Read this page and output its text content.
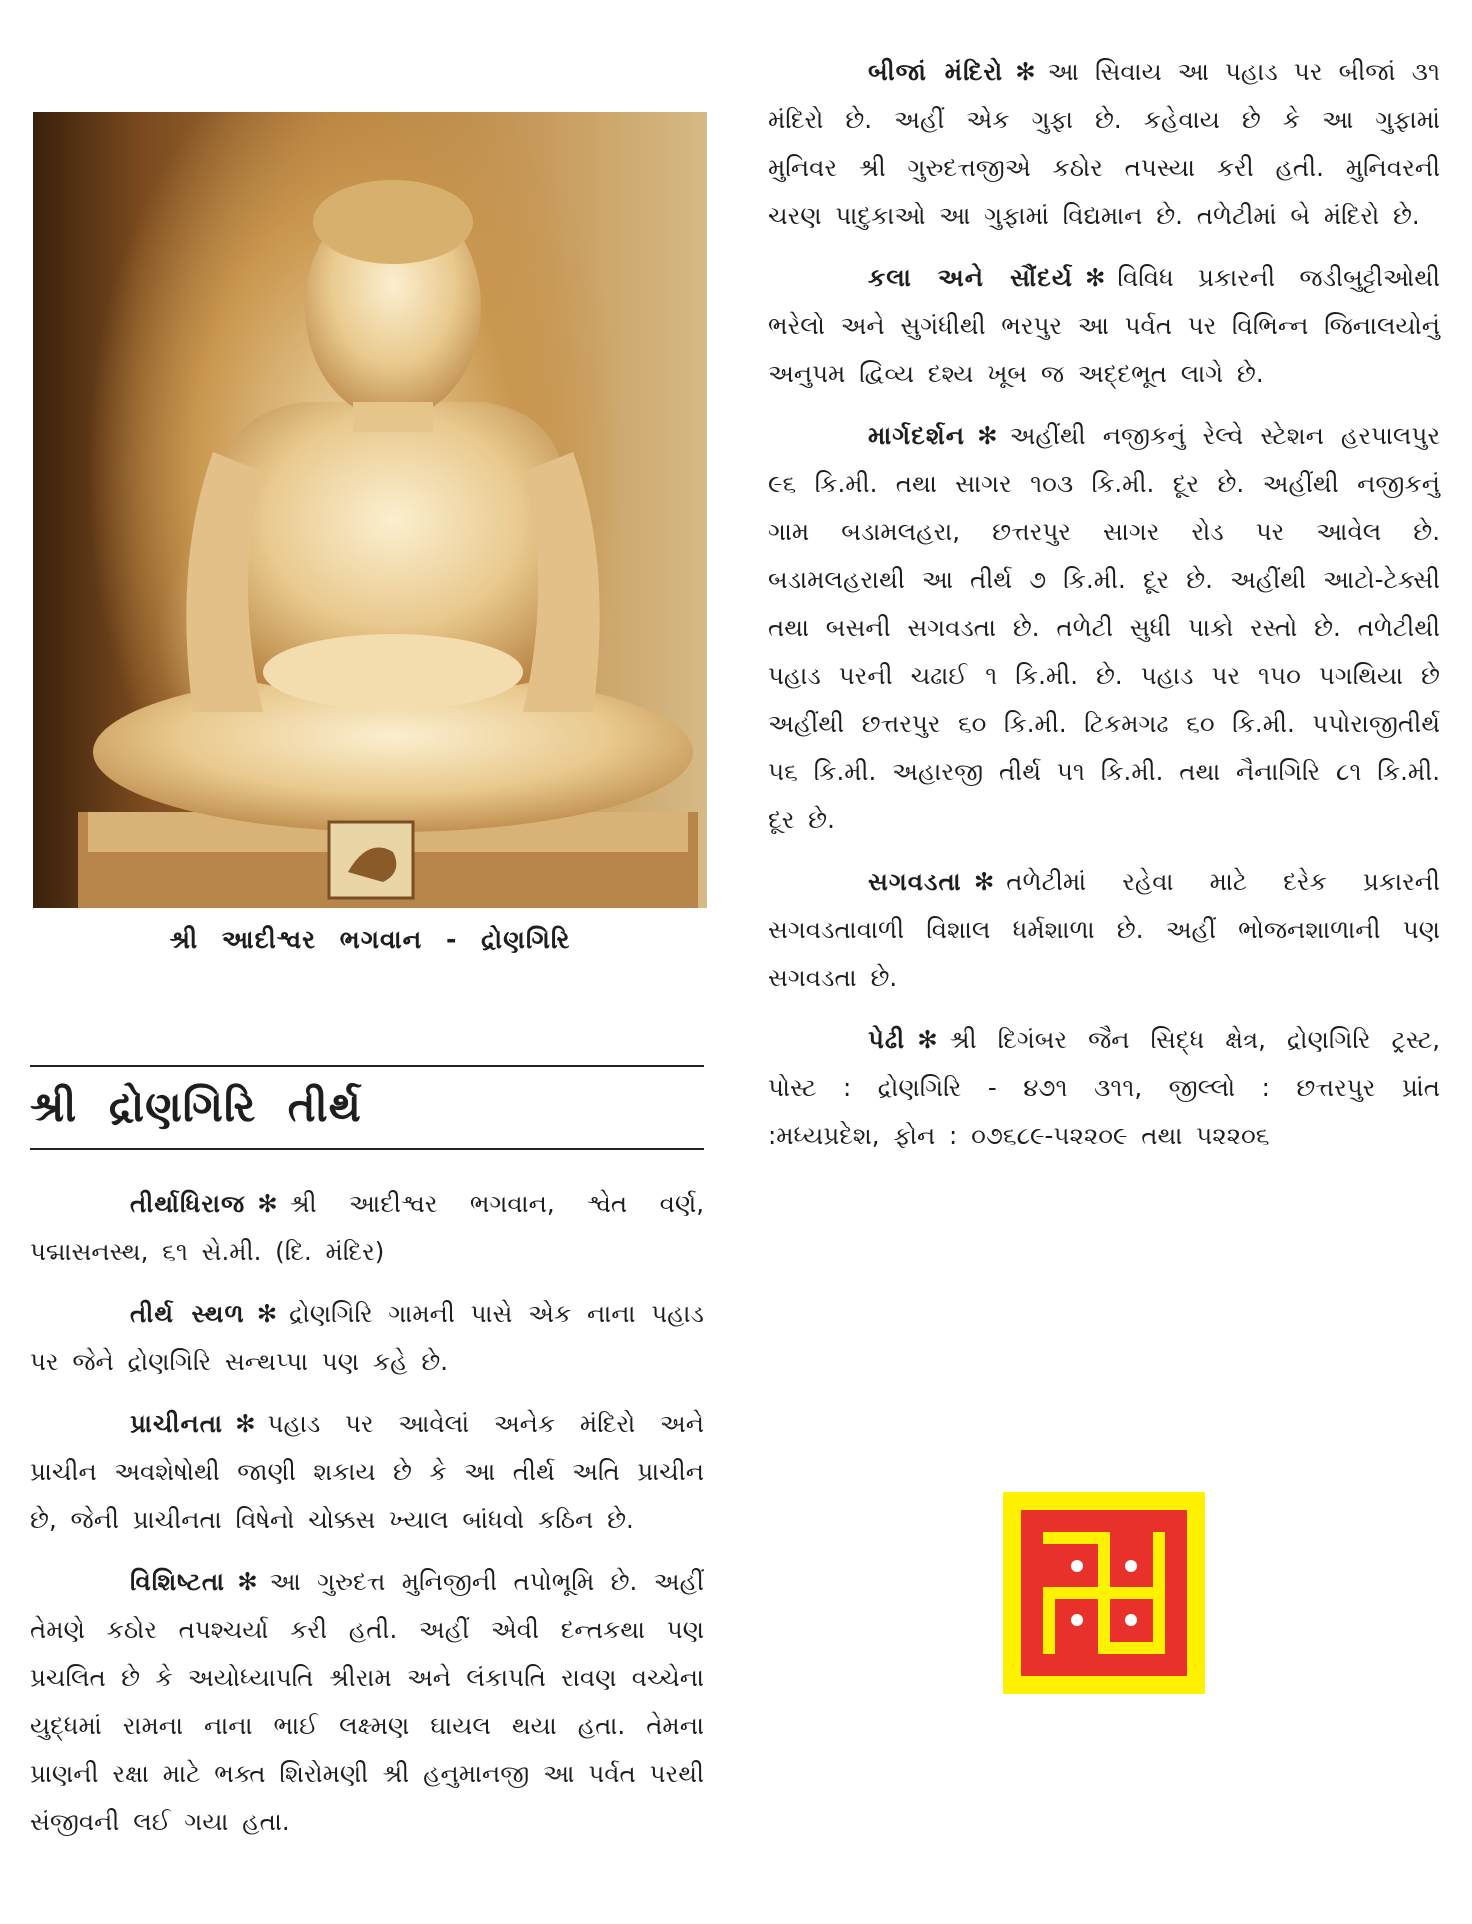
શ્રી આદીશ્વર ભગવાન - દ્રોણગિરિ
શ્રી દ્રોણગિરિ તીર્થ

તીર્થાધિરાજ ✻ શ્રી આદીશ્વર ભગવાન, શ્વેત વર્ણ, પદ્માસનસ્થ, ૬૧ સે.મી. (દિ. મંદિર)

તીર્થ સ્થળ ✻ દ્રોણગિરિ ગામની પાસે એક નાના પહાડ પર જેને દ્રોણગિરિ સન્થપ્પા પણ કહે છે.

પ્રાચીનતા ✻ પહાડ પર આવેલાં અનેક મંદિરો અને પ્રાચીન અવશેષોથી જાણી શકાય છે કે આ તીર્થ અતિ પ્રાચીન છે, જેની પ્રાચીનતા વિષેનો ચોક્કસ ખ્યાલ બાંધવો કઠિન છે.

વિશિષ્ટતા ✻ આ ગુરુદત્ત મુનિજીની તપોભૂમિ છે. અહીં તેમણે કઠોર તપશ્ચર્યા કરી હતી. અહીં એવી દન્તકથા પણ પ્રચલિત છે કે અયોધ્યાપતિ શ્રીરામ અને લંકાપતિ રાવણ વચ્ચેના યુદ્ધમાં રામના નાના ભાઈ લક્ષ્મણ ઘાયલ થયા હતા. તેમના પ્રાણની રક્ષા માટે ભક્ત શિરોમણી શ્રી હનુમાનજી આ પર્વત પરથી સંજીવની લઈ ગયા હતા.

બીજાં મંદિરો ✻ આ સિવાય આ પહાડ પર બીજાં ૩૧ મંદિરો છે. અહીં એક ગુફા છે. કહેવાય છે કે આ ગુફામાં મુનિવર શ્રી ગુરુદત્તજીએ કઠોર તપસ્યા કરી હતી. મુનિવરની ચરણ પાદુકાઓ આ ગુફામાં વિદ્યમાન છે. તળેટીમાં બે મંદિરો છે.

કલા અને સૌંદર્ય ✻ વિવિધ પ્રકારની જડીબુટ્ટીઓથી ભરેલો અને સુગંધીથી ભરપુર આ પર્વત પર વિભિન્ન જિનાલયોનું અનુપમ દ્વિવ્ય દશ્ય ખૂબ જ અદ્દભૂત લાગે છે.

માર્ગદર્શન ✻ અહીંથી નજીકનું રેલ્વે સ્ટેશન હરપાલપુર ૯૬ કિ.મી. તથા સાગર ૧૦૩ કિ.મી. દૂર છે. અહીંથી નજીકનું ગામ બડામલહરા, છત્તરપુર સાગર રોડ પર આવેલ છે. બડામલહરાથી આ તીર્થ ૭ કિ.મી. દૂર છે. અહીંથી આટો-ટેક્સી તથા બસની સગવડતા છે. તળેટી સુધી પાકો રસ્તો છે. તળેટીથી પહાડ પરની ચઢાઈ ૧ કિ.મી. છે. પહાડ પર ૧૫૦ પગથિયા છે અહીંથી છત્તરપુર ૬૦ કિ.મી. ટિકમગઢ ૬૦ કિ.મી. પપોરાજીતીર્થ ૫૬ કિ.મી. અહારજી તીર્થ ૫૧ કિ.મી. તથા નૈનાગિરિ ૮૧ કિ.મી. દૂર છે.

સગવડતા ✻ તળેટીમાં રહેવા માટે દરેક પ્રકારની સગવડતાવાળી વિશાલ ધર્મશાળા છે. અહીં ભોજનશાળાની પણ સગવડતા છે.

પેઢી ✻ શ્રી દિગંબર જૈન સિદ્ધ ક્ષેત્ર, દ્રોણગિરિ ટ્રસ્ટ, પોસ્ટ : દ્રોણગિરિ - ૪૭૧ ૩૧૧, જીલ્લો : છત્તરપુર પ્રાંત :મધ્યપ્રદેશ, ફોન : ૦૭૬૮૯-૫૨૨૦૯ તથા ૫૨૨૦૬
